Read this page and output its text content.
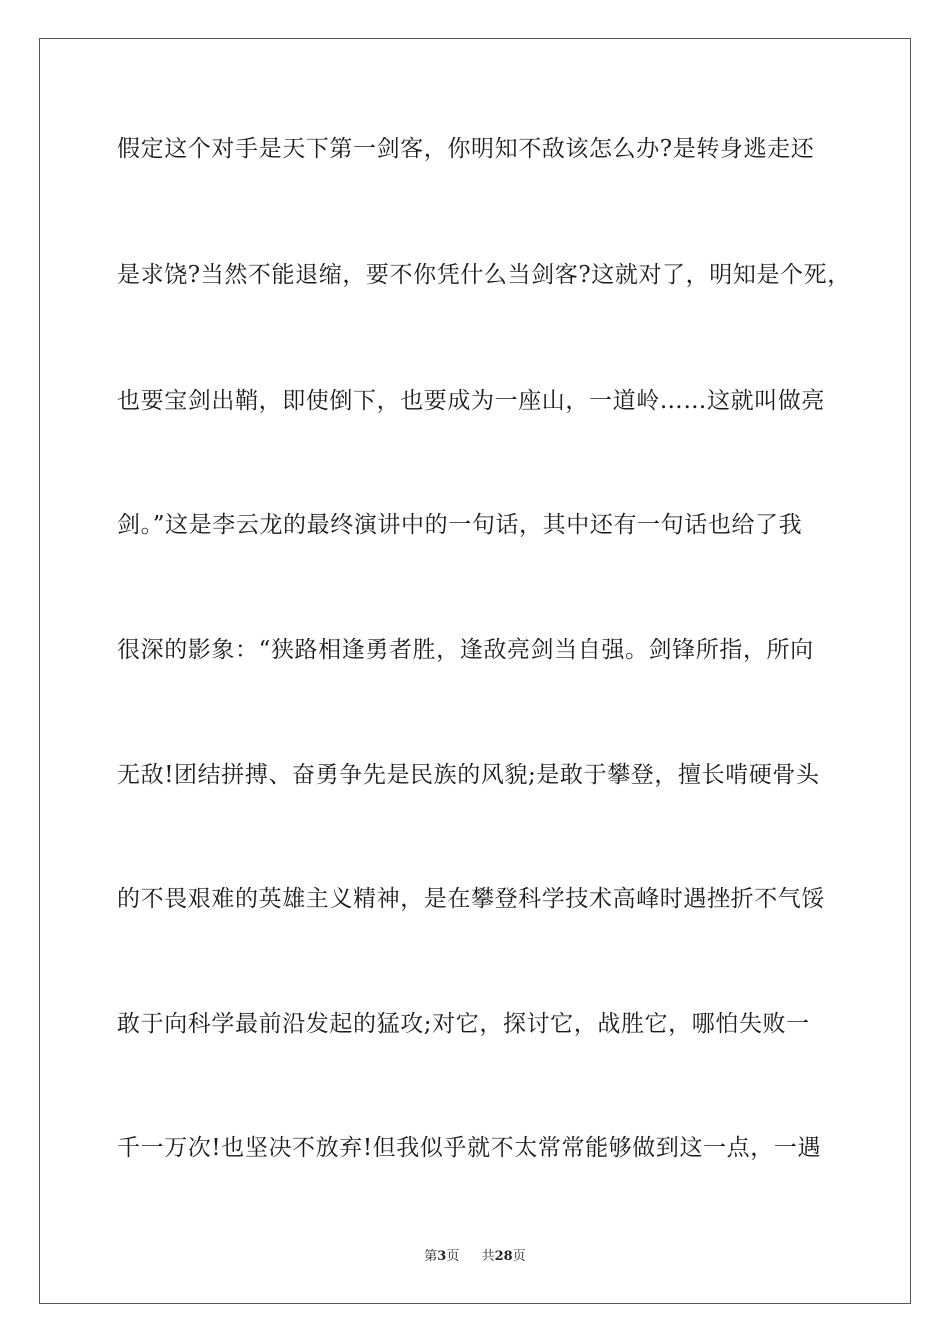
假定这个对手是天下第一剑客，你明知不敌该怎么办?是转身逃走还
是求饶?当然不能退缩，要不你凭什么当剑客?这就对了，明知是个死，
也要宝剑出鞘，即使倒下，也要成为一座山，一道岭……这就叫做亮
剑。”这是李云龙的最终演讲中的一句话，其中还有一句话也给了我
很深的影象：“狭路相逢勇者胜，逢敌亮剑当自强。剑锋所指，所向
无敌!团结拼搏、奋勇争先是民族的风貌;是敢于攀登，擅长啃硬骨头
的不畏艰难的英雄主义精神，是在攀登科学技术高峰时遇挫折不气馁
敢于向科学最前沿发起的猛攻;对它，探讨它，战胜它，哪怕失败一
千一万次!也坚决不放弃!但我似乎就不太常常能够做到这一点，一遇
第3页 共28页
